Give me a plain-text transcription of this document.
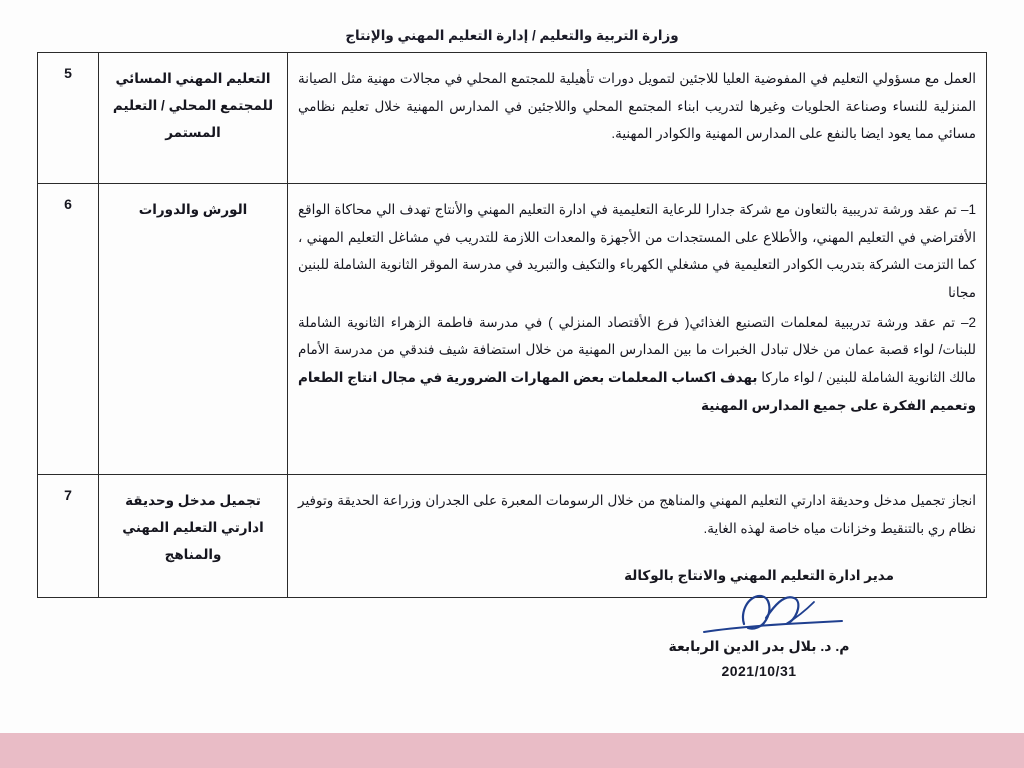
وزارة التربية والتعليم / إدارة التعليم المهني والإنتاج

العمل مع مسؤولي التعليم في المفوضية العليا للاجئين لتمويل دورات تأهيلية للمجتمع المحلي في مجالات مهنية مثل الصيانة المنزلية للنساء وصناعة الحلويات وغيرها لتدريب ابناء المجتمع المحلي واللاجئين في المدارس المهنية خلال تعليم نظامي مسائي مما يعود ايضا بالنفع على المدارس المهنية والكوادر المهنية.	التعليم المهني المسائي للمجتمع المحلي / التعليم المستمر	5

1– تم عقد ورشة تدريبية بالتعاون مع شركة جدارا للرعاية التعليمية في ادارة التعليم المهني والأنتاج تهدف الي محاكاة الواقع الأفتراضي في التعليم المهني، والأطلاع على المستجدات من الأجهزة والمعدات اللازمة للتدريب في مشاغل التعليم المهني ، كما التزمت الشركة بتدريب الكوادر التعليمية في مشغلي الكهرباء والتكيف والتبريد في مدرسة الموقر الثانوية الشاملة للبنين مجانا

2– تم عقد ورشة تدريبية لمعلمات التصنيع الغذائي( فرع الأقتصاد المنزلي ) في مدرسة فاطمة الزهراء الثانوية الشاملة للبنات/ لواء قصبة عمان من خلال تبادل الخبرات ما بين المدارس المهنية من خلال استضافة شيف فندقي من مدرسة الأمام مالك الثانوية الشاملة للبنين / لواء ماركا بهدف اكساب المعلمات بعض المهارات الضرورية في مجال انتاج الطعام وتعميم الفكرة على جميع المدارس المهنية	الورش والدورات	6

انجاز تجميل مدخل وحديقة ادارتي التعليم المهني والمناهج من خلال الرسومات المعبرة على الجدران وزراعة الحديقة وتوفير نظام ري بالتنقيط وخزانات مياه خاصة لهذه الغاية.	تجميل مدخل وحديقة ادارتي التعليم المهني والمناهج	7
مدير ادارة التعليم المهني والانتاج بالوكالة
م. د. بلال بدر الدين الربابعة
2021/10/31
